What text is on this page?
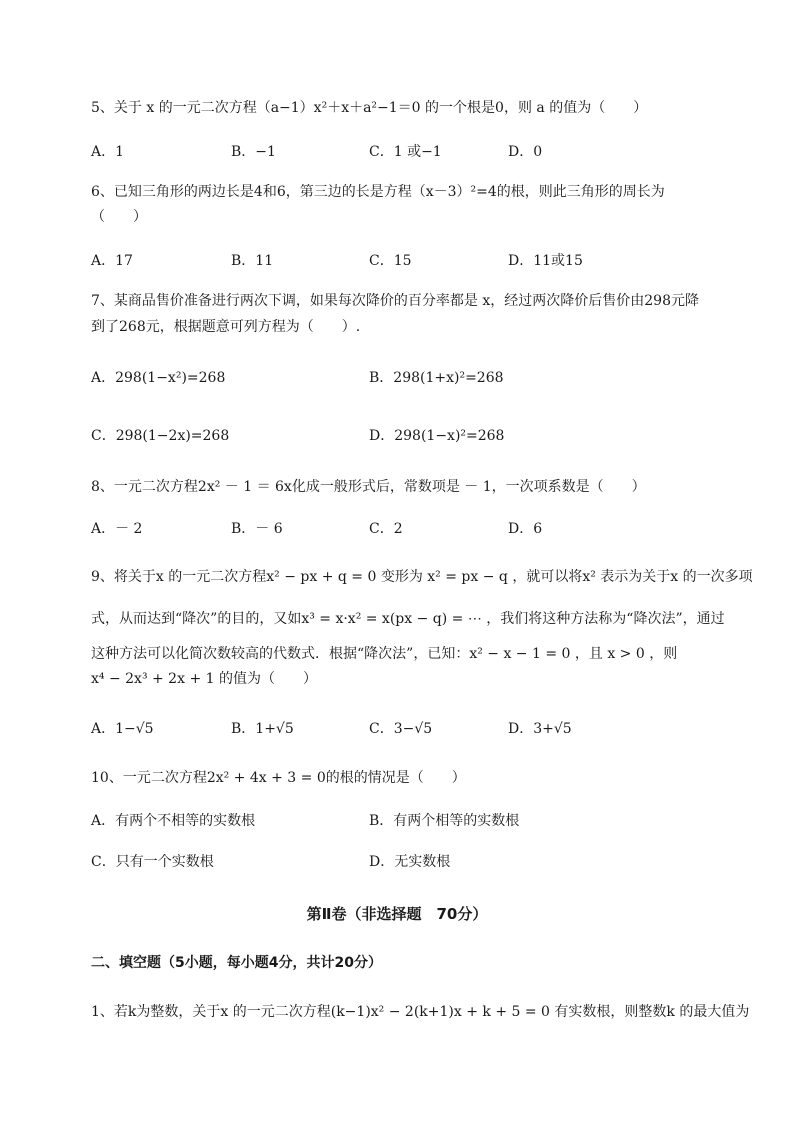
5、关于 x 的一元二次方程（a−1）x²＋x＋a²−1＝0 的一个根是0，则 a 的值为（　　）
A．1	B．−1	C．1 或−1	D．0
6、已知三角形的两边长是4和6，第三边的长是方程（x－3）²=4的根，则此三角形的周长为
（　　）
A．17	B．11	C．15	D．11或15
7、某商品售价准备进行两次下调，如果每次降价的百分率都是 x，经过两次降价后售价由298元降
到了268元，根据题意可列方程为（　　）.
A．298(1−x²)=268	B．298(1+x)²=268
C．298(1−2x)=268	D．298(1−x)²=268
8、一元二次方程2x² － 1 ＝ 6x化成一般形式后，常数项是 － 1，一次项系数是（　　）
A．－ 2	B．－ 6	C．2	D．6
9、将关于x 的一元二次方程x² − px + q = 0 变形为 x² = px − q ，就可以将x² 表示为关于x 的一次多项
式，从而达到“降次”的目的，又如x³ = x·x² = x(px − q) = ⋯ ，我们将这种方法称为“降次法”，通过
这种方法可以化简次数较高的代数式．根据“降次法”，已知：x² − x − 1 = 0 ，且 x > 0 ，则
x⁴ − 2x³ + 2x + 1 的值为（　　）
A．1−√5	B．1+√5	C．3−√5	D．3+√5
10、一元二次方程2x² + 4x + 3 = 0的根的情况是（　　）
A．有两个不相等的实数根	B．有两个相等的实数根
C．只有一个实数根	D．无实数根
第Ⅱ卷（非选择题　70分）
二、填空题（5小题，每小题4分，共计20分）
1、若k为整数，关于x 的一元二次方程(k−1)x² − 2(k+1)x + k + 5 = 0 有实数根，则整数k 的最大值为
